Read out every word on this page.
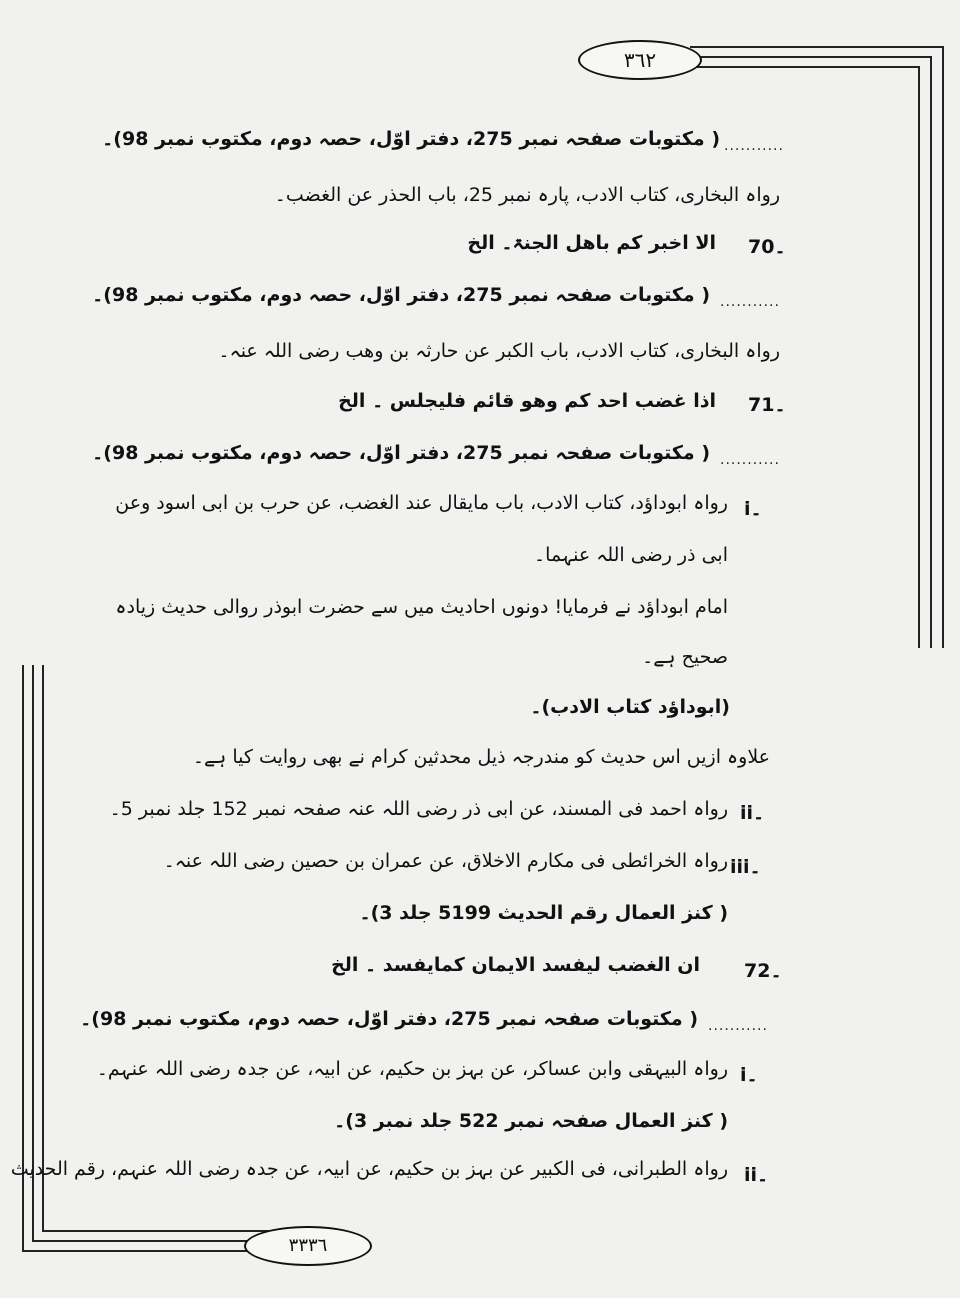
٣٦٢
٣٣٣٦
...........
( مکتوبات صفحہ نمبر 275، دفتر اوّل، حصہ دوم، مکتوب نمبر 98)۔
رواہ البخاری، کتاب الادب، پارہ نمبر 25، باب الحذر عن الغضب۔
70۔
الا اخبر کم باھل الجنۃ۔ الخ
...........
( مکتوبات صفحہ نمبر 275، دفتر اوّل، حصہ دوم، مکتوب نمبر 98)۔
رواہ البخاری، کتاب الادب، باب الکبر عن حارثہ بن وھب رضی اللہ عنہ۔
71۔
اذا غضب احد کم وھو قائم فلیجلس ۔ الخ
...........
( مکتوبات صفحہ نمبر 275، دفتر اوّل، حصہ دوم، مکتوب نمبر 98)۔
i۔
رواہ ابوداؤد، کتاب الادب، باب مایقال عند الغضب، عن حرب بن ابی اسود وعن
ابی ذر رضی اللہ عنہما۔
امام ابوداؤد نے فرمایا! دونوں احادیث میں سے حضرت ابوذر روالی حدیث زیادہ
صحیح ہے۔
(ابوداؤد کتاب الادب)۔
علاوہ ازیں اس حدیث کو مندرجہ ذیل محدثین کرام نے بھی روایت کیا ہے۔
ii۔
رواہ احمد فی المسند، عن ابی ذر رضی اللہ عنہ صفحہ نمبر 152 جلد نمبر 5۔
iii۔
رواہ الخرائطی فی مکارم الاخلاق، عن عمران بن حصین رضی اللہ عنہ۔
( کنز العمال رقم الحدیث 5199 جلد 3)۔
72۔
ان الغضب لیفسد الایمان کمایفسد ۔ الخ
...........
( مکتوبات صفحہ نمبر 275، دفتر اوّل، حصہ دوم، مکتوب نمبر 98)۔
i۔
رواہ البیہقی وابن عساکر، عن بہز بن حکیم، عن ابیہ، عن جدہ رضی اللہ عنہم۔
( کنز العمال صفحہ نمبر 522 جلد نمبر 3)۔
ii۔
رواہ الطبرانی، فی الکبیر عن بہز بن حکیم، عن ابیہ، عن جدہ رضی اللہ عنہم، رقم الحدیث
